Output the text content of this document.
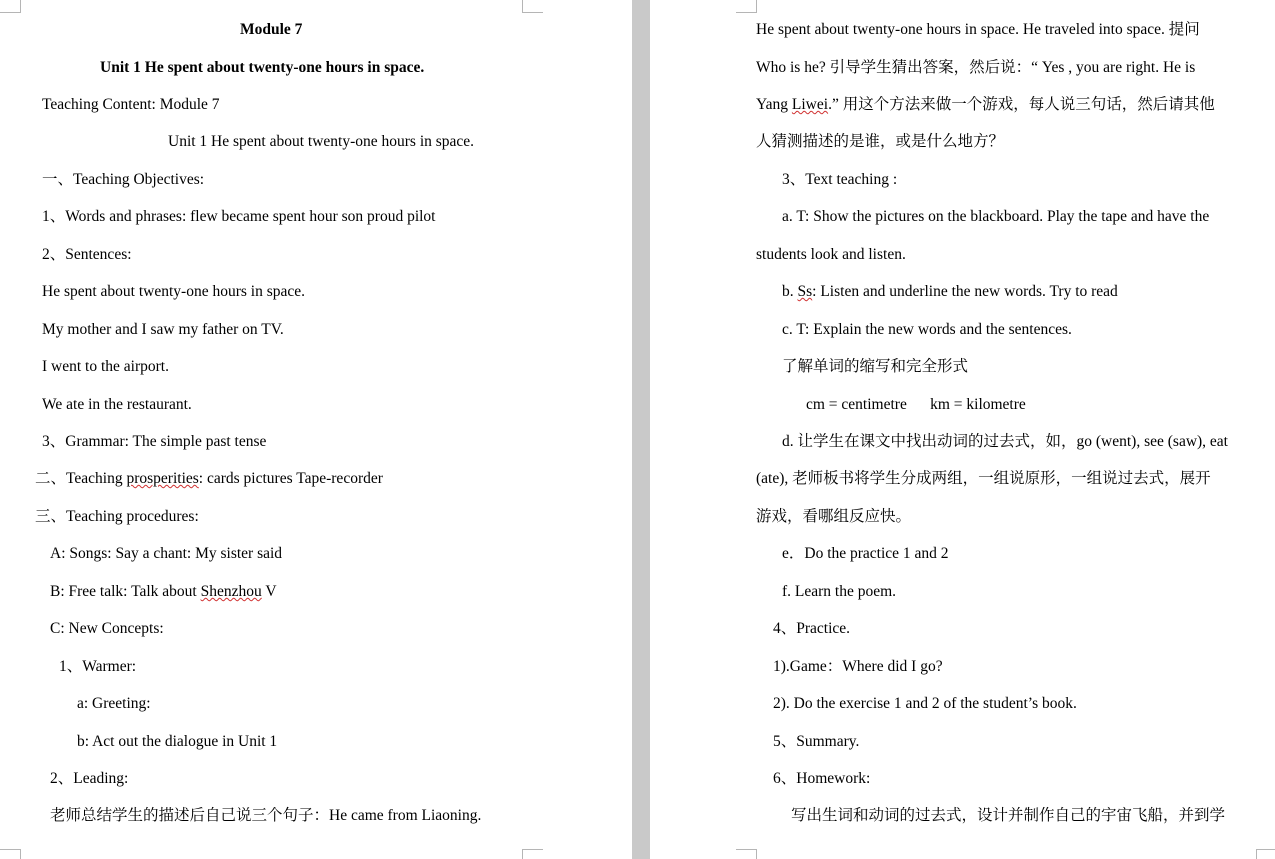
Module 7
Unit 1 He spent about twenty-one hours in space.
Teaching Content: Module 7
Unit 1 He spent about twenty-one hours in space.
一、Teaching Objectives:
1、Words and phrases: flew became spent hour son proud pilot
2、Sentences:
He spent about twenty-one hours in space.
My mother and I saw my father on TV.
I went to the airport.
We ate in the restaurant.
3、Grammar: The simple past tense
二、Teaching prosperities: cards pictures Tape-recorder
三、Teaching procedures:
A: Songs: Say a chant: My sister said
B: Free talk: Talk about Shenzhou V
C: New Concepts:
1、Warmer:
a: Greeting:
b: Act out the dialogue in Unit 1
2、Leading:
老师总结学生的描述后自己说三个句子：He came from Liaoning.
He spent about twenty-one hours in space. He traveled into space. 提问
Who is he? 引导学生猜出答案，然后说：“ Yes , you are right. He is
Yang Liwei.” 用这个方法来做一个游戏，每人说三句话，然后请其他
人猜测描述的是谁，或是什么地方？
3、Text teaching :
a. T: Show the pictures on the blackboard. Play the tape and have the
students look and listen.
b. Ss: Listen and underline the new words. Try to read
c. T: Explain the new words and the sentences.
了解单词的缩写和完全形式
cm = centimetre      km = kilometre
d. 让学生在课文中找出动词的过去式，如，go (went), see (saw), eat
(ate), 老师板书将学生分成两组，一组说原形，一组说过去式，展开
游戏，看哪组反应快。
e．Do the practice 1 and 2
f. Learn the poem.
4、Practice.
1).Game：Where did I go?
2). Do the exercise 1 and 2 of the student’s book.
5、Summary.
6、Homework:
写出生词和动词的过去式，设计并制作自己的宇宙飞船，并到学
